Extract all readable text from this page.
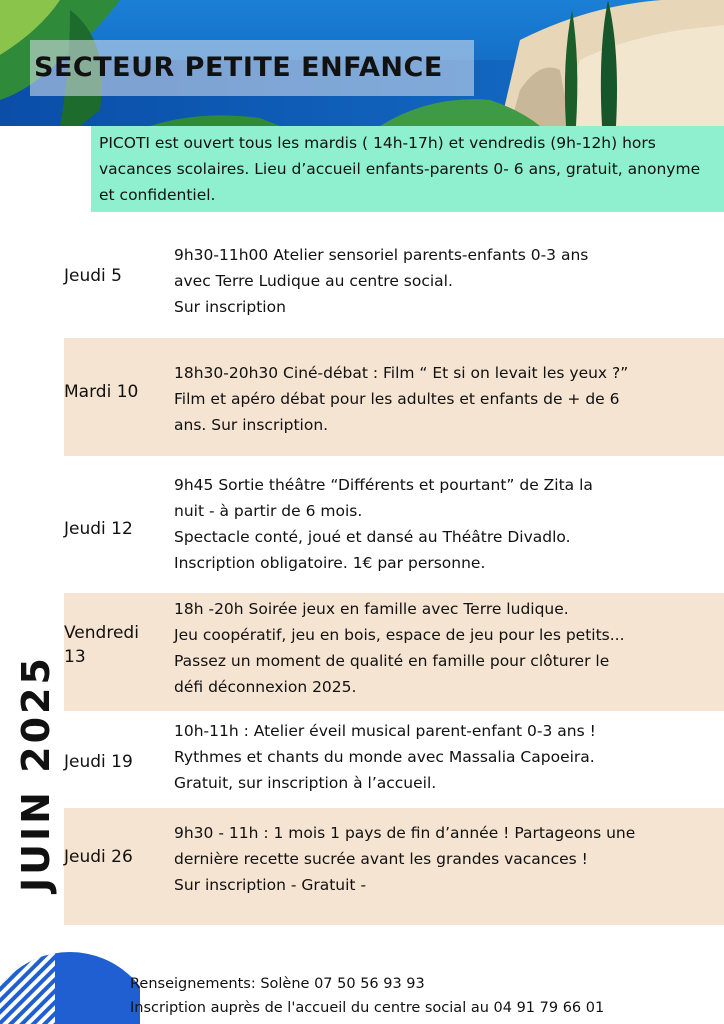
SECTEUR PETITE ENFANCE
PICOTI est ouvert tous les mardis ( 14h-17h) et vendredis (9h-12h) hors vacances scolaires. Lieu d’accueil enfants-parents 0- 6 ans, gratuit, anonyme et confidentiel.
Jeudi 5
9h30-11h00 Atelier sensoriel parents-enfants 0-3 ans
avec Terre Ludique au centre social.
Sur inscription
Mardi 10
18h30-20h30 Ciné-débat : Film “ Et si on levait les yeux ?”
Film et apéro débat pour les adultes et enfants de + de 6
ans. Sur inscription.
Jeudi 12
9h45 Sortie théâtre “Différents et pourtant” de Zita la
nuit - à partir de 6 mois.
Spectacle conté, joué et dansé au Théâtre Divadlo.
Inscription obligatoire. 1€ par personne.

Vendredi
13

18h -20h Soirée jeux en famille avec Terre ludique.
Jeu coopératif, jeu en bois, espace de jeu pour les petits...
Passez un moment de qualité en famille pour clôturer le
défi déconnexion 2025.

Jeudi 19
10h-11h : Atelier éveil musical parent-enfant 0-3 ans !
Rythmes et chants du monde avec Massalia Capoeira.
Gratuit, sur inscription à l’accueil.
Jeudi 26
9h30 - 11h : 1 mois 1 pays de fin d’année ! Partageons une
dernière recette sucrée avant les grandes vacances !
Sur inscription - Gratuit -
JUIN 2025
Renseignements: Solène 07 50 56 93 93
Inscription auprès de l'accueil du centre social au 04 91 79 66 01
